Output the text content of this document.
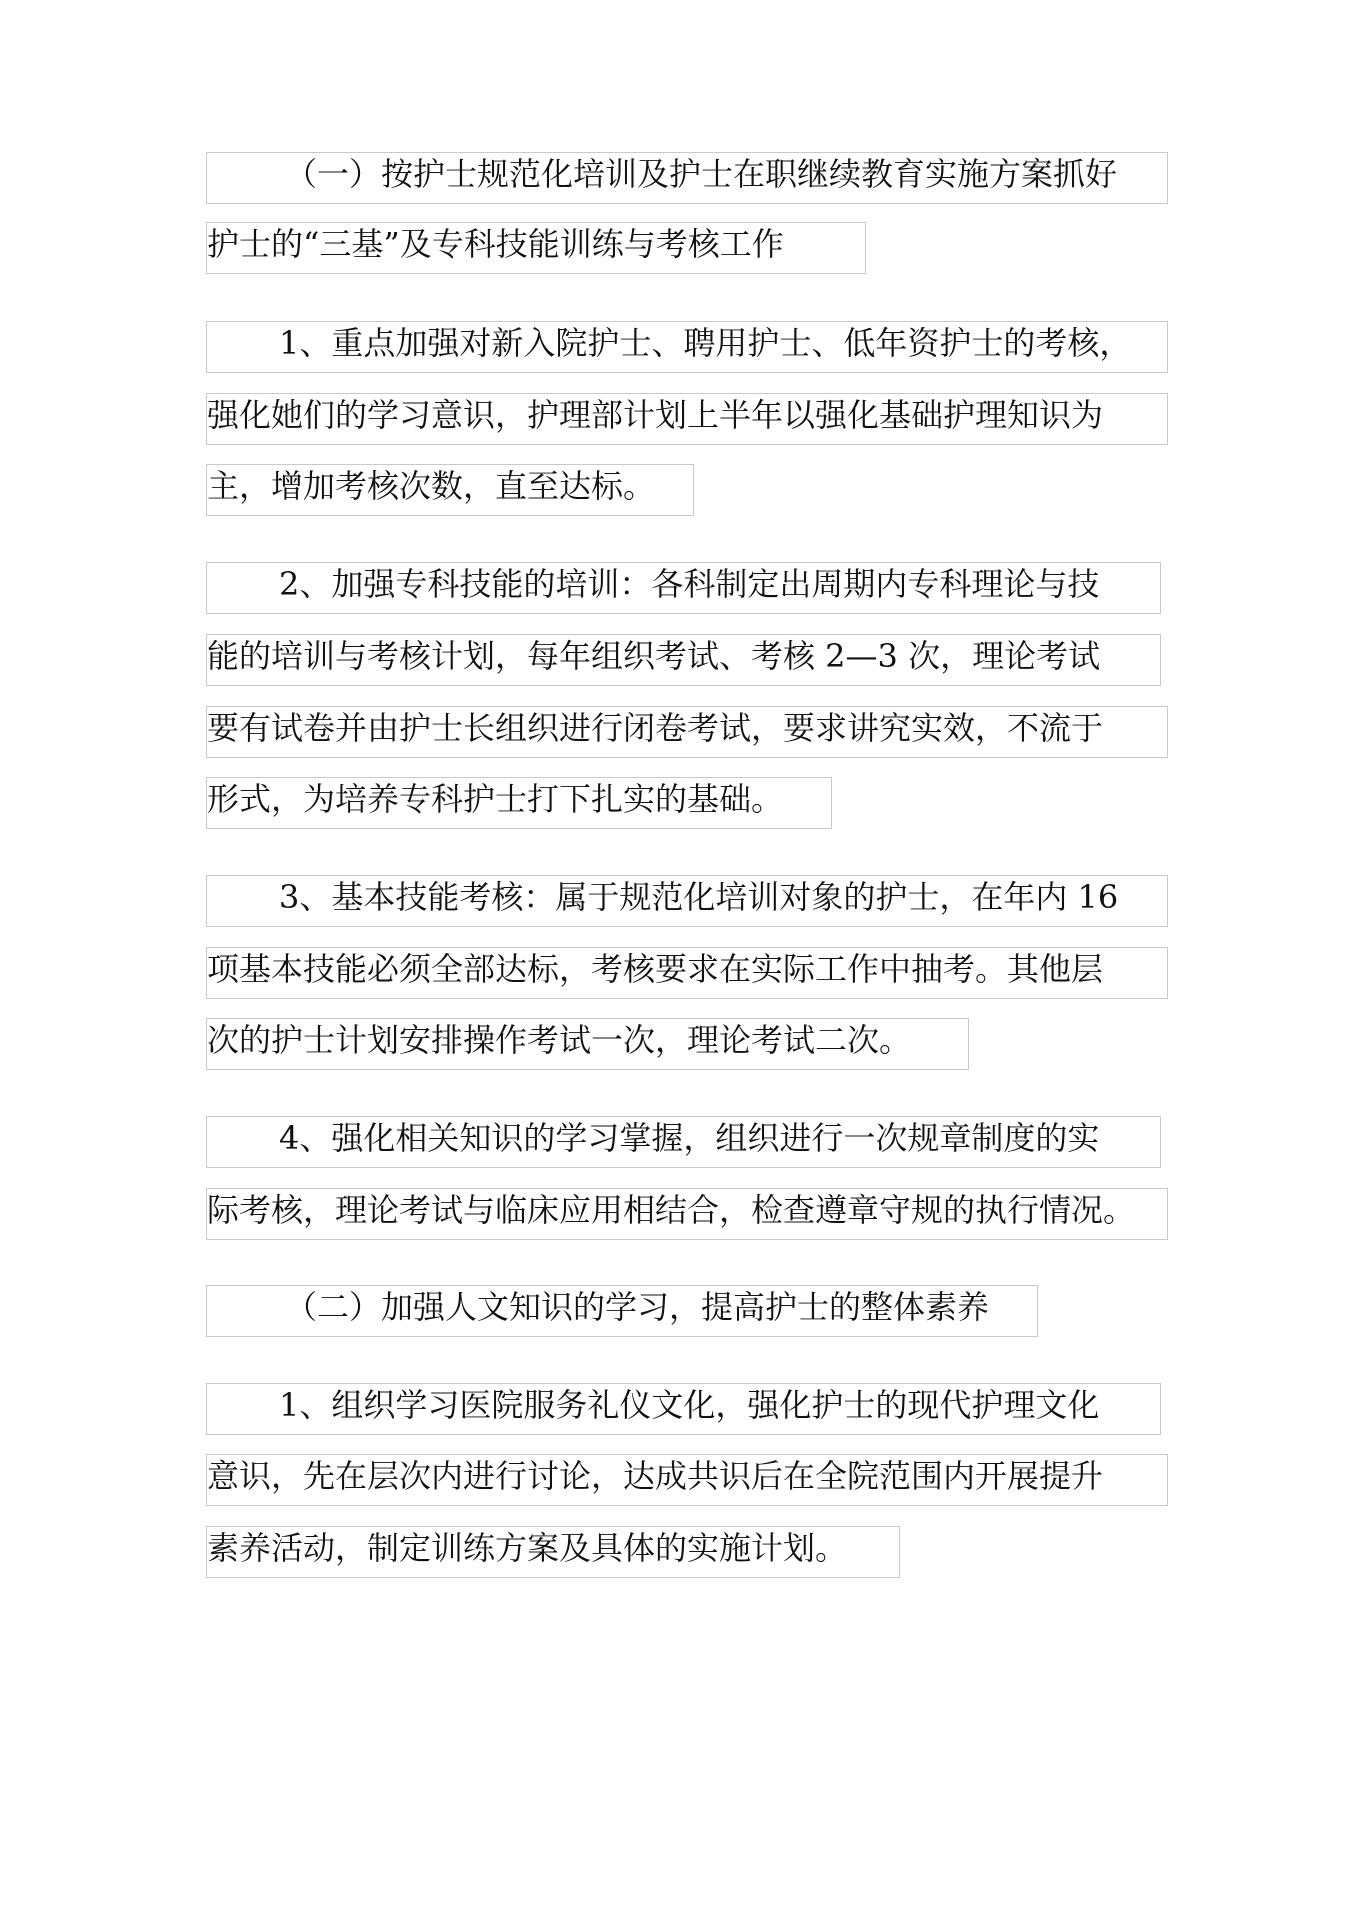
（一）按护士规范化培训及护士在职继续教育实施方案抓好
护士的“三基”及专科技能训练与考核工作
1、重点加强对新入院护士、聘用护士、低年资护士的考核，
强化她们的学习意识，护理部计划上半年以强化基础护理知识为
主，增加考核次数，直至达标。
2、加强专科技能的培训：各科制定出周期内专科理论与技
能的培训与考核计划，每年组织考试、考核 2—3 次，理论考试
要有试卷并由护士长组织进行闭卷考试，要求讲究实效，不流于
形式，为培养专科护士打下扎实的基础。
3、基本技能考核：属于规范化培训对象的护士，在年内 16
项基本技能必须全部达标，考核要求在实际工作中抽考。其他层
次的护士计划安排操作考试一次，理论考试二次。
4、强化相关知识的学习掌握，组织进行一次规章制度的实
际考核，理论考试与临床应用相结合，检查遵章守规的执行情况。
（二）加强人文知识的学习，提高护士的整体素养
1、组织学习医院服务礼仪文化，强化护士的现代护理文化
意识，先在层次内进行讨论，达成共识后在全院范围内开展提升
素养活动，制定训练方案及具体的实施计划。
